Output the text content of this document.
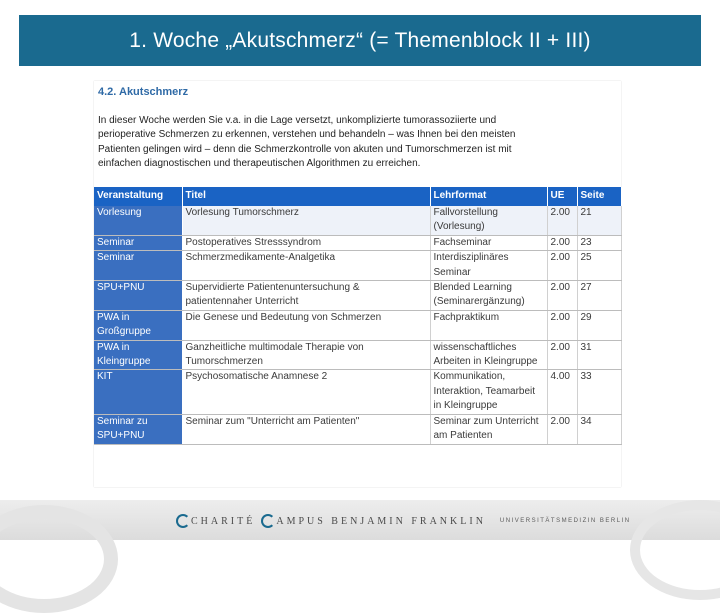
1. Woche „Akutschmerz“ (= Themenblock II + III)
4.2. Akutschmerz
In dieser Woche werden Sie v.a. in die Lage versetzt, unkomplizierte tumorassoziierte und
perioperative Schmerzen zu erkennen, verstehen und behandeln – was Ihnen bei den meisten
Patienten gelingen wird – denn die Schmerzkontrolle von akuten und Tumorschmerzen ist mit
einfachen diagnostischen und therapeutischen Algorithmen zu erreichen.
Veranstaltung	Titel	Lehrformat	UE	Seite
Vorlesung	Vorlesung Tumorschmerz	Fallvorstellung (Vorlesung)	2.00	21
Seminar	Postoperatives Stresssyndrom	Fachseminar	2.00	23
Seminar	Schmerzmedikamente-Analgetika	Interdisziplinäres Seminar	2.00	25
SPU+PNU	Supervidierte Patientenuntersuchung & patientennaher Unterricht	Blended Learning (Seminarergänzung)	2.00	27
PWA in Großgruppe	Die Genese und Bedeutung von Schmerzen	Fachpraktikum	2.00	29
PWA in Kleingruppe	Ganzheitliche multimodale Therapie von Tumorschmerzen	wissenschaftliches Arbeiten in Kleingruppe	2.00	31
KIT	Psychosomatische Anamnese 2	Kommunikation, Interaktion, Teamarbeit in Kleingruppe	4.00	33
Seminar zu SPU+PNU	Seminar zum "Unterricht am Patienten"	Seminar zum Unterricht am Patienten	2.00	34
CHARITÉ AMPUS BENJAMIN FRANKLIN UNIVERSITÄTSMEDIZIN BERLIN
